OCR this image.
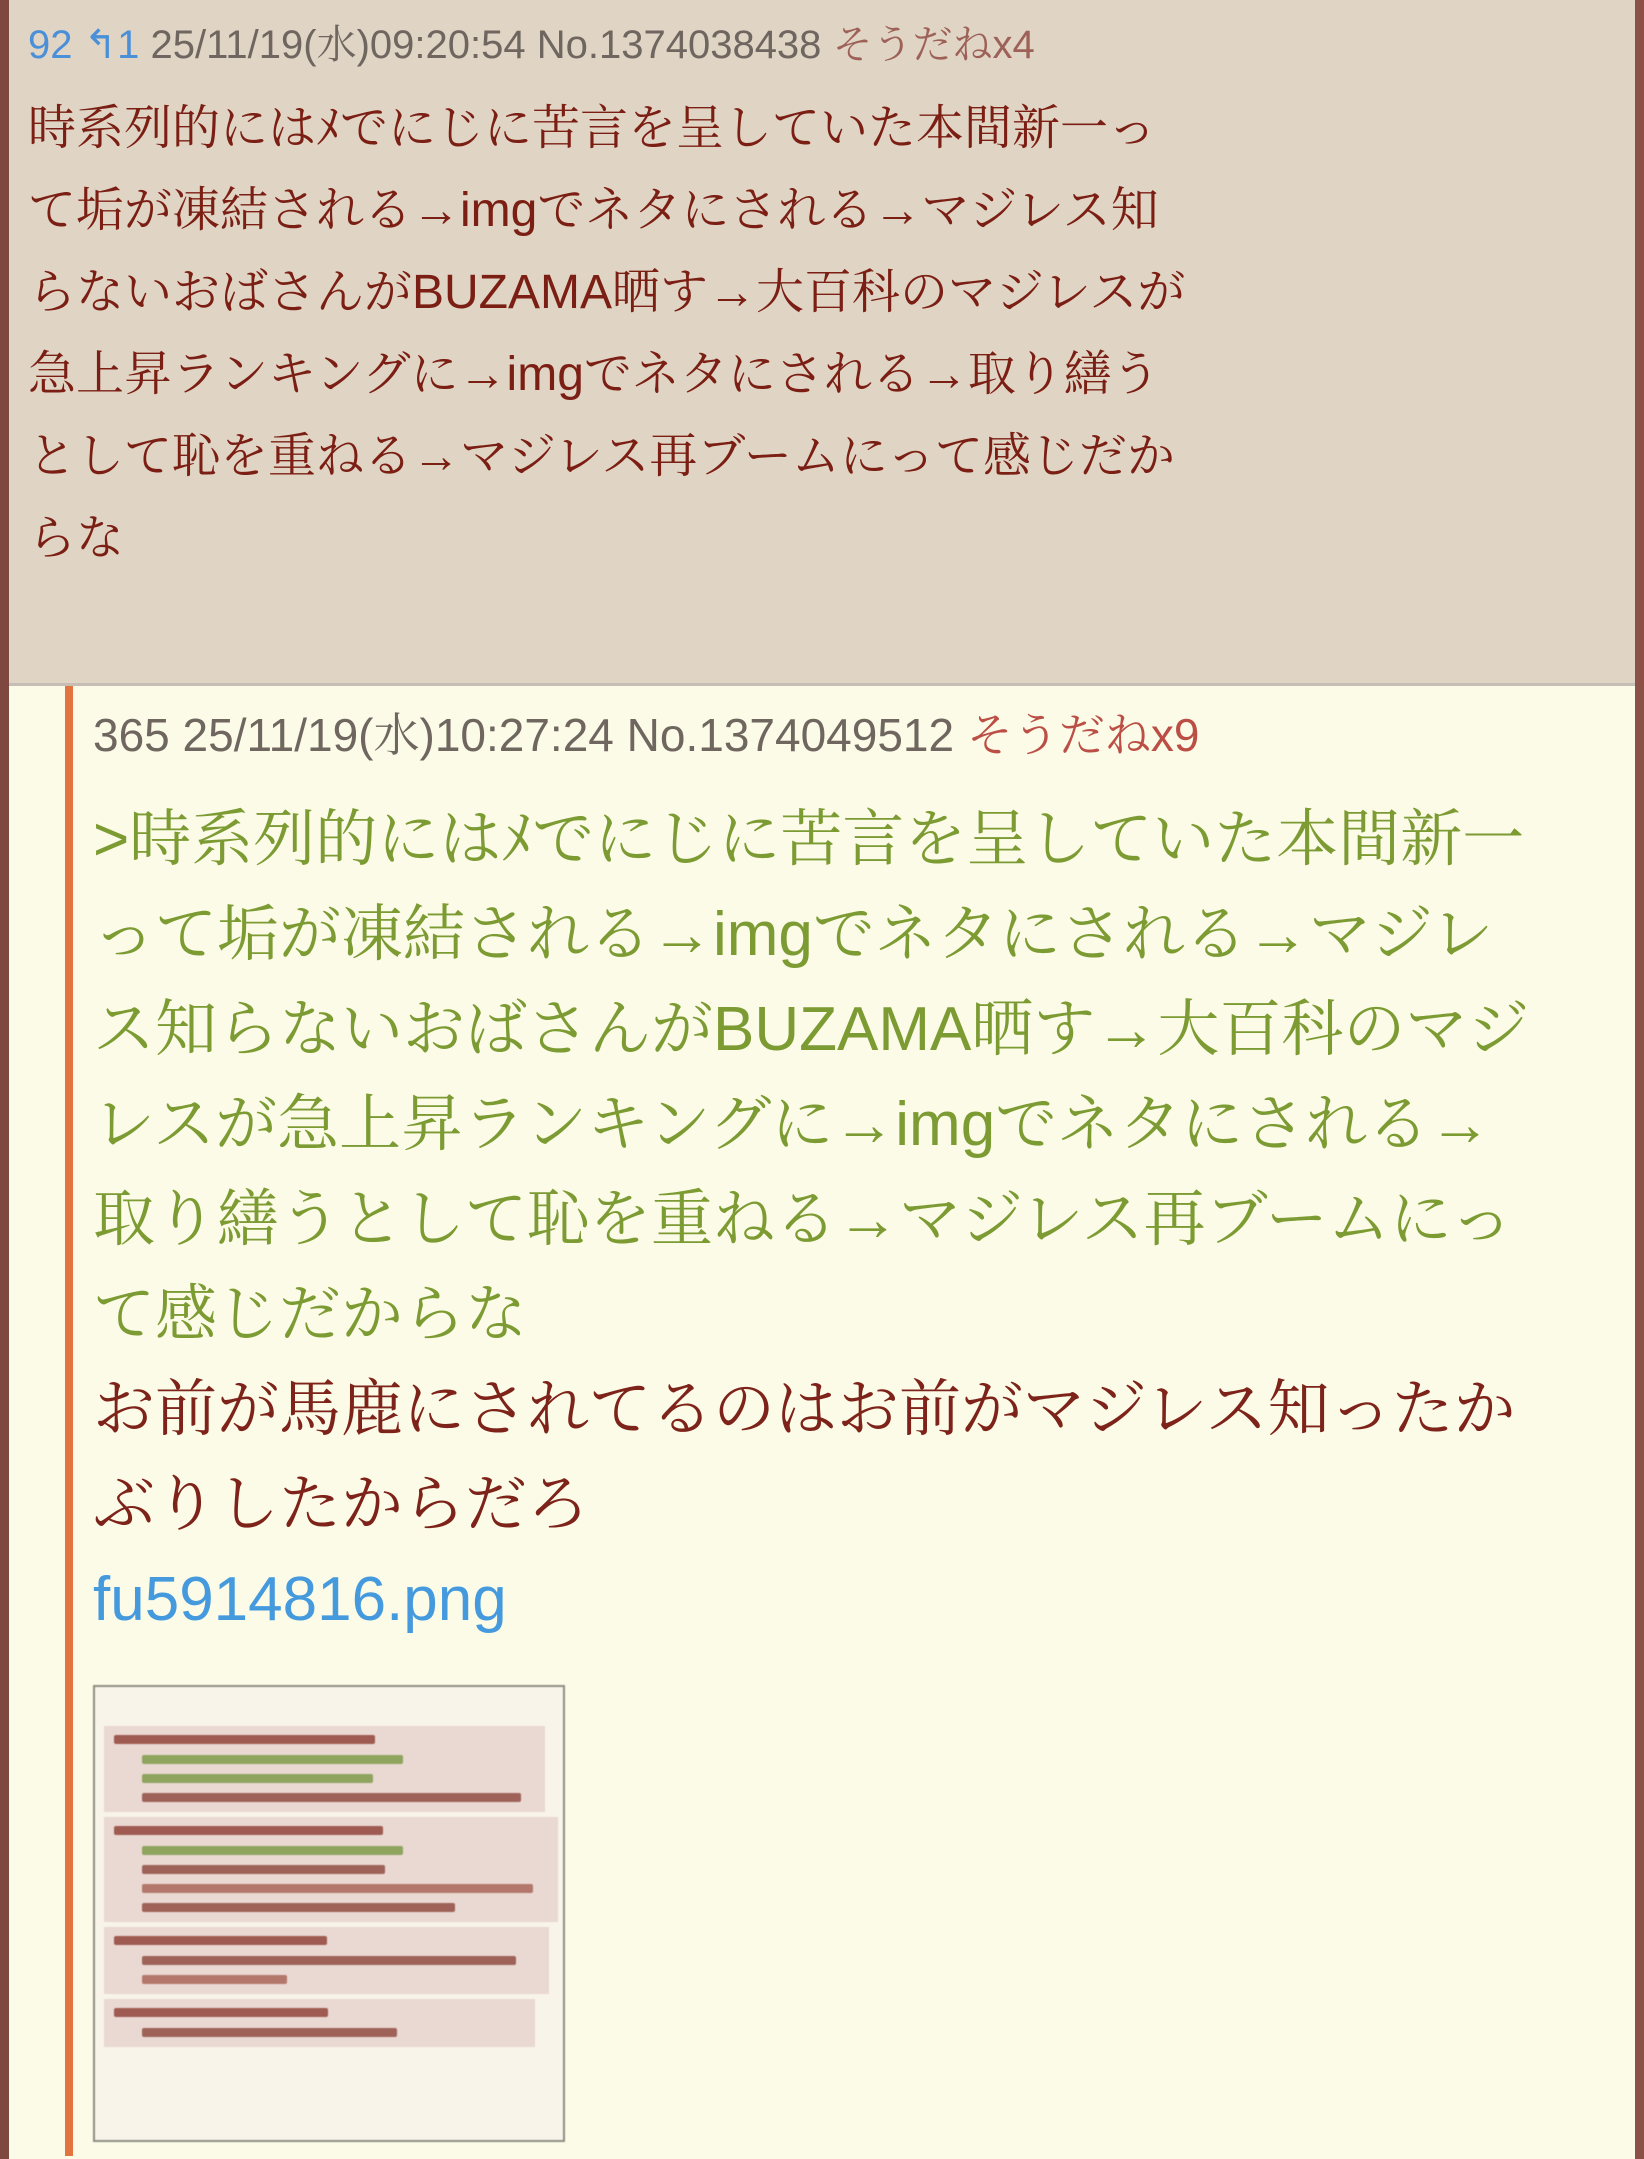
92 ↰1 25/11/19(水)09:20:54 No.1374038438 そうだねx4
時系列的にはﾒでにじに苦言を呈していた本間新一って垢が凍結される→imgでネタにされる→マジレス知らないおばさんがBUZAMA晒す→大百科のマジレスが急上昇ランキングに→imgでネタにされる→取り繕うとして恥を重ねる→マジレス再ブームにって感じだからな
365 25/11/19(水)10:27:24 No.1374049512 そうだねx9
>時系列的にはﾒでにじに苦言を呈していた本間新一って垢が凍結される→imgでネタにされる→マジレス知らないおばさんがBUZAMA晒す→大百科のマジレスが急上昇ランキングに→imgでネタにされる→取り繕うとして恥を重ねる→マジレス再ブームにって感じだからな
お前が馬鹿にされてるのはお前がマジレス知ったかぶりしたからだろ
fu5914816.png
